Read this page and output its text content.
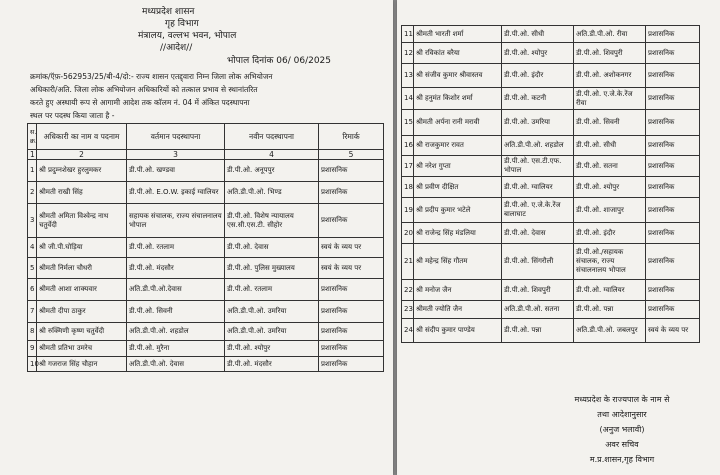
मध्यप्रदेश शासन
गृह विभाग
मंत्रालय, वल्लभ भवन, भोपाल
//आदेश//
भोपाल दिनांक 06/ 06/2025
क्रमांक/ऍफ़-562953/25/बी-4/दो:- राज्य शासन एतद्द्वारा निम्न जिला लोक अभियोजन
अधिकारी/अति. जिला लोक अभियोजन अधिकारियों को तत्काल प्रभाव से स्थानांतरित
करते हुए अस्थायी रूप से आगामी आदेश तक कॉलम नं. 04 में अंकित पदस्थापना
स्थल पर पदस्थ किया जाता है -
स. क्र.	अधिकारी का नाम व पदनाम	वर्तमान पदस्थापना	नवीन पदस्थापना	रिमार्क
1	2	3	4	5
1	श्री प्रदुम्नशेखर हुरलुमकर	डी.पी.ओ. खण्डवा	डी.पी.ओ. अनूपपुर	प्रशासनिक
2	श्रीमती राखी सिंह	डी.पी.ओ. E.O.W. इकाई ग्वालियर	अति.डी.पी.ओ. भिण्ड	प्रशासनिक
3	श्रीमती अमिता विश्वेन्द्र नाथ चतुर्वेदी	सहायक संचालक, राज्य संचालनालय भोपाल	डी.पी.ओ. विशेष न्यायालय एस.सी.एस.टी. सीहोर	प्रशासनिक
4	श्री जी.पी.घोड़िया	डी.पी.ओ. रतलाम	डी.पी.ओ. देवास	स्वयं के व्यय पर
5	श्रीमती निर्मला चौधरी	डी.पी.ओ. मंदसौर	डी.पी.ओ. पुलिस मुख्यालय	स्वयं के व्यय पर
6	श्रीमती आशा शाक्यवार	अति.डी.पी.ओ.देवास	डी.पी.ओ. रतलाम	प्रशासनिक
7	श्रीमती दीपा ठाकुर	डी.पी.ओ. सिवनी	अति.डी.पी.ओ. उमरिया	प्रशासनिक
8	श्री रुक्मिणी कृष्ण चतुर्वेदी	अति.डी.पी.ओ. शहडोल	अति.डी.पी.ओ. उमरिया	प्रशासनिक
9	श्रीमती प्रतिभा उमरेच	डी.पी.ओ. मुरैना	डी.पी.ओ. श्योपुर	प्रशासनिक
10	श्री गजराज सिंह चौहान	अति.डी.पी.ओ. देवास	डी.पी.ओ. मंदसौर	प्रशासनिक
11	श्रीमती भारती शर्मा	डी.पी.ओ. सीधी	अति.डी.पी.ओ. रीवा	प्रशासनिक
12	श्री रविकांत बरैया	डी.पी.ओ. श्योपुर	डी.पी.ओ. शिवपुरी	प्रशासनिक
13	श्री संजीव कुमार श्रीवास्तव	डी.पी.ओ. इंदौर	डी.पी.ओ. अशोकनगर	प्रशासनिक
14	श्री हनुमंत किशोर शर्मा	डी.पी.ओ. कटनी	डी.पी.ओ. ए.जे.के.रेंज रीवा	प्रशासनिक
15	श्रीमती अर्पना रानी मरावी	डी.पी.ओ. उमरिया	डी.पी.ओ. सिवनी	प्रशासनिक
16	श्री राजकुमार रावत	अति.डी.पी.ओ. शहडोल	डी.पी.ओ. सीधी	प्रशासनिक
17	श्री नरेश गुप्ता	डी.पी.ओ. एस.टी.एफ. भोपाल	डी.पी.ओ. सतना	प्रशासनिक
18	श्री प्रवीण दीक्षित	डी.पी.ओ. ग्वालियर	डी.पी.ओ. श्योपुर	प्रशासनिक
19	श्री प्रदीप कुमार भटेले	डी.पी.ओ. ए.जे.के.रेंज बालाघाट	डी.पी.ओ. शाजापुर	प्रशासनिक
20	श्री राजेन्द्र सिंह मंडलिया	डी.पी.ओ. देवास	डी.पी.ओ. इंदौर	प्रशासनिक
21	श्री महेन्द्र सिंह गौतम	डी.पी.ओ. सिंगरौली	डी.पी.ओ./सहायक संचालक, राज्य संचालनालय भोपाल	प्रशासनिक
22	श्री मनोज जैन	डी.पी.ओ. शिवपुरी	डी.पी.ओ. ग्वालियर	प्रशासनिक
23	श्रीमती ज्योति जैन	अति.डी.पी.ओ. सतना	डी.पी.ओ. पन्ना	प्रशासनिक
24	श्री संदीप कुमार पाण्डेय	डी.पी.ओ. पन्ना	अति.डी.पी.ओ. जबलपुर	स्वयं के व्यय पर
मध्यप्रदेश के राज्यपाल के नाम से
तथा आदेशानुसार
(अनुज भलावी)
अवर सचिव
म.प्र.शासन,गृह विभाग
